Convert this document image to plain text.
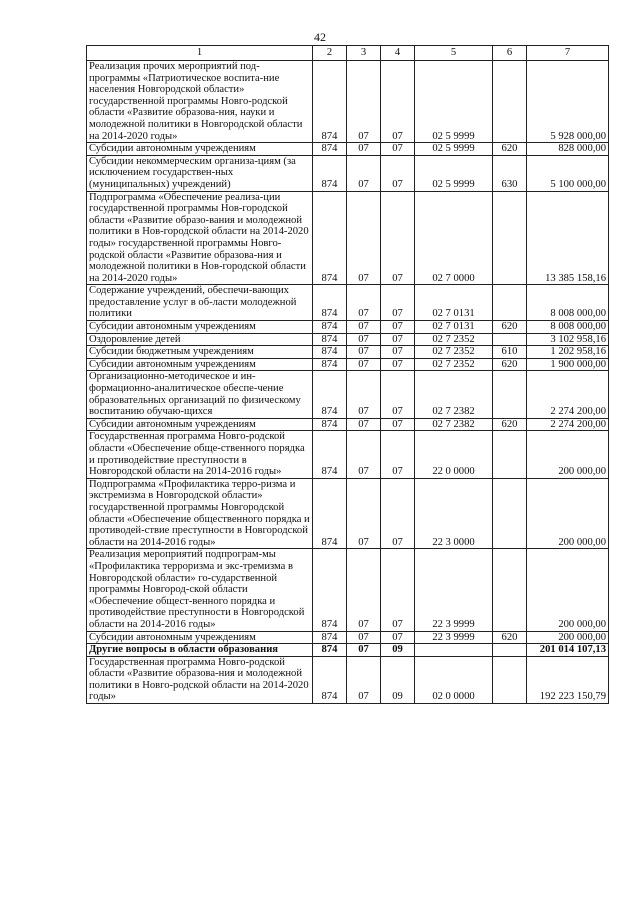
42
1	2	3	4	5	6	7
Реализация прочих мероприятий под-программы «Патриотическое воспита-ние населения Новгородской области» государственной программы Новго-родской области «Развитие образова-ния, науки и молодежной политики в Новгородской области на 2014-2020 годы»	874	07	07	02 5 9999		5 928 000,00
Субсидии автономным учреждениям	874	07	07	02 5 9999	620	828 000,00
Субсидии некоммерческим организа-циям (за исключением государствен-ных (муниципальных) учреждений)	874	07	07	02 5 9999	630	5 100 000,00
Подпрограмма «Обеспечение реализа-ции государственной программы Нов-городской области «Развитие образо-вания и молодежной политики в Нов-городской области на 2014-2020 годы» государственной программы Новго-родской области «Развитие образова-ния и молодежной политики в Нов-городской области на 2014-2020 годы»	874	07	07	02 7 0000		13 385 158,16
Содержание учреждений, обеспечи-вающих предоставление услуг в об-ласти молодежной политики	874	07	07	02 7 0131		8 008 000,00
Субсидии автономным учреждениям	874	07	07	02 7 0131	620	8 008 000,00
Оздоровление детей	874	07	07	02 7 2352		3 102 958,16
Субсидии бюджетным учреждениям	874	07	07	02 7 2352	610	1 202 958,16
Субсидии автономным учреждениям	874	07	07	02 7 2352	620	1 900 000,00
Организационно-методическое и ин-формационно-аналитическое обеспе-чение образовательных организаций по физическому воспитанию обучаю-щихся	874	07	07	02 7 2382		2 274 200,00
Субсидии автономным учреждениям	874	07	07	02 7 2382	620	2 274 200,00
Государственная программа Новго-родской области «Обеспечение обще-ственного порядка и противодействие преступности в Новгородской области на 2014-2016 годы»	874	07	07	22 0 0000		200 000,00
Подпрограмма «Профилактика терро-ризма и экстремизма в Новгородской области» государственной программы Новгородской области «Обеспечение общественного порядка и противодей-ствие преступности в Новгородской области на 2014-2016 годы»	874	07	07	22 3 0000		200 000,00
Реализация мероприятий подпрограм-мы «Профилактика терроризма и экс-тремизма в Новгородской области» го-сударственной программы Новгород-ской области «Обеспечение общест-венного порядка и противодействие преступности в Новгородской области на 2014-2016 годы»	874	07	07	22 3 9999		200 000,00
Субсидии автономным учреждениям	874	07	07	22 3 9999	620	200 000,00
Другие вопросы в области образования	874	07	09			201 014 107,13
Государственная программа Новго-родской области «Развитие образова-ния и молодежной политики в Новго-родской области на 2014-2020 годы»	874	07	09	02 0 0000		192 223 150,79
